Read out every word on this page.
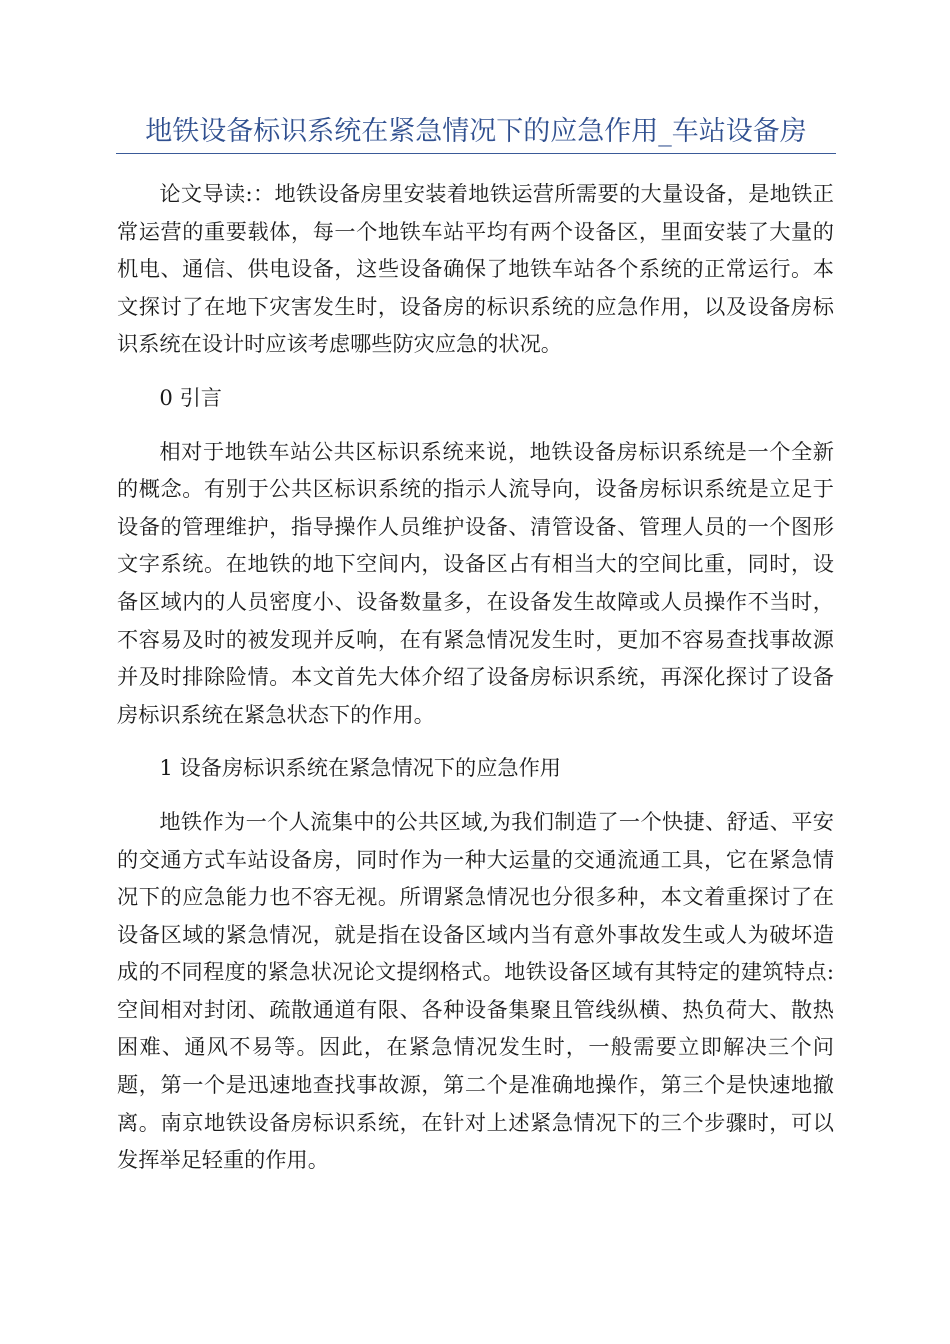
地铁设备标识系统在紧急情况下的应急作用_车站设备房

论文导读:：地铁设备房里安装着地铁运营所需要的大量设备，是地铁正常运营的重要载体，每一个地铁车站平均有两个设备区，里面安装了大量的机电、通信、供电设备，这些设备确保了地铁车站各个系统的正常运行。本文探讨了在地下灾害发生时，设备房的标识系统的应急作用，以及设备房标识系统在设计时应该考虑哪些防灾应急的状况。

0 引言

相对于地铁车站公共区标识系统来说，地铁设备房标识系统是一个全新的概念。有别于公共区标识系统的指示人流导向，设备房标识系统是立足于设备的管理维护，指导操作人员维护设备、清管设备、管理人员的一个图形文字系统。在地铁的地下空间内，设备区占有相当大的空间比重，同时，设备区域内的人员密度小、设备数量多，在设备发生故障或人员操作不当时，不容易及时的被发现并反响，在有紧急情况发生时，更加不容易查找事故源并及时排除险情。本文首先大体介绍了设备房标识系统，再深化探讨了设备房标识系统在紧急状态下的作用。

1 设备房标识系统在紧急情况下的应急作用

地铁作为一个人流集中的公共区域,为我们制造了一个快捷、舒适、平安的交通方式车站设备房，同时作为一种大运量的交通流通工具，它在紧急情况下的应急能力也不容无视。所谓紧急情况也分很多种，本文着重探讨了在设备区域的紧急情况，就是指在设备区域内当有意外事故发生或人为破坏造成的不同程度的紧急状况论文提纲格式。地铁设备区域有其特定的建筑特点:空间相对封闭、疏散通道有限、各种设备集聚且管线纵横、热负荷大、散热困难、通风不易等。因此，在紧急情况发生时，一般需要立即解决三个问题，第一个是迅速地查找事故源，第二个是准确地操作，第三个是快速地撤离。南京地铁设备房标识系统，在针对上述紧急情况下的三个步骤时，可以发挥举足轻重的作用。
